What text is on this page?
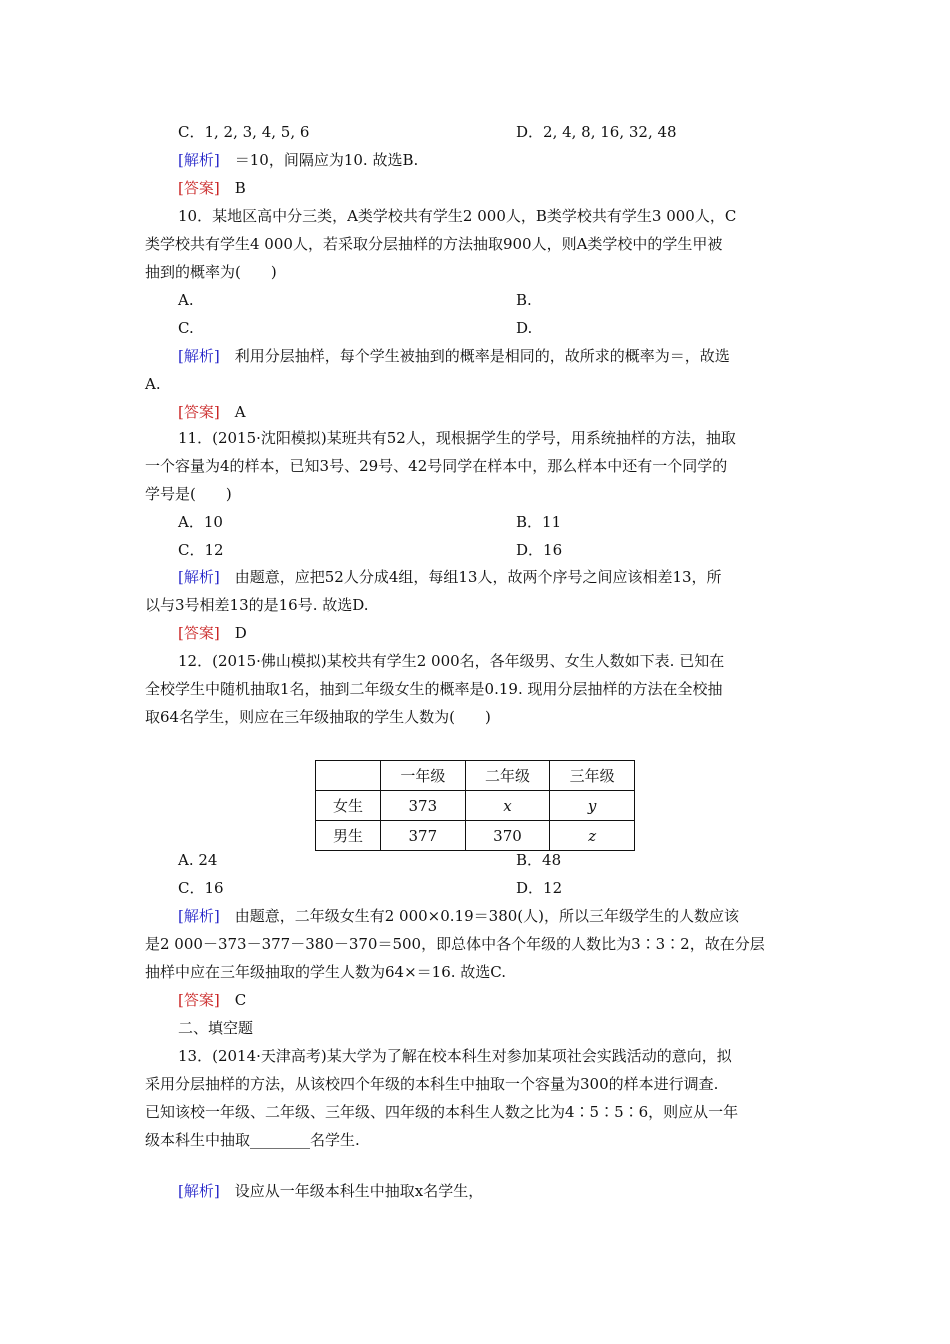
C．1, 2, 3, 4, 5, 6	D．2, 4, 8, 16, 32, 48
[解析]　 ＝10，间隔应为10. 故选B.
[答案]　 B
10．某地区高中分三类，A类学校共有学生2 000人，B类学校共有学生3 000人，C
类学校共有学生4 000人，若采取分层抽样的方法抽取900人，则A类学校中的学生甲被
抽到的概率为(　　)
A.	B.
C.	D.
[解析]　 利用分层抽样，每个学生被抽到的概率是相同的，故所求的概率为＝，故选
A.
[答案]　 A
11．(2015·沈阳模拟)某班共有52人，现根据学生的学号，用系统抽样的方法，抽取
一个容量为4的样本，已知3号、29号、42号同学在样本中，那么样本中还有一个同学的
学号是(　　)
A．10	B．11
C．12	D．16
[解析]　 由题意，应把52人分成4组，每组13人，故两个序号之间应该相差13，所
以与3号相差13的是16号. 故选D.
[答案]　 D
12．(2015·佛山模拟)某校共有学生2 000名，各年级男、女生人数如下表. 已知在
全校学生中随机抽取1名，抽到二年级女生的概率是0.19. 现用分层抽样的方法在全校抽
取64名学生，则应在三年级抽取的学生人数为(　　)
	一年级	二年级	三年级
女生	373	x	y
男生	377	370	z
A. 24	B．48
C．16	D．12
[解析]　 由题意，二年级女生有2 000×0.19＝380(人)，所以三年级学生的人数应该
是2 000－373－377－380－370＝500，即总体中各个年级的人数比为3∶3∶2，故在分层
抽样中应在三年级抽取的学生人数为64×＝16. 故选C.
[答案]　 C
二、填空题
13．(2014·天津高考)某大学为了解在校本科生对参加某项社会实践活动的意向，拟
采用分层抽样的方法，从该校四个年级的本科生中抽取一个容量为300的样本进行调查.
已知该校一年级、二年级、三年级、四年级的本科生人数之比为4∶5∶5∶6，则应从一年
级本科生中抽取________名学生.
[解析]　 设应从一年级本科生中抽取x名学生，
